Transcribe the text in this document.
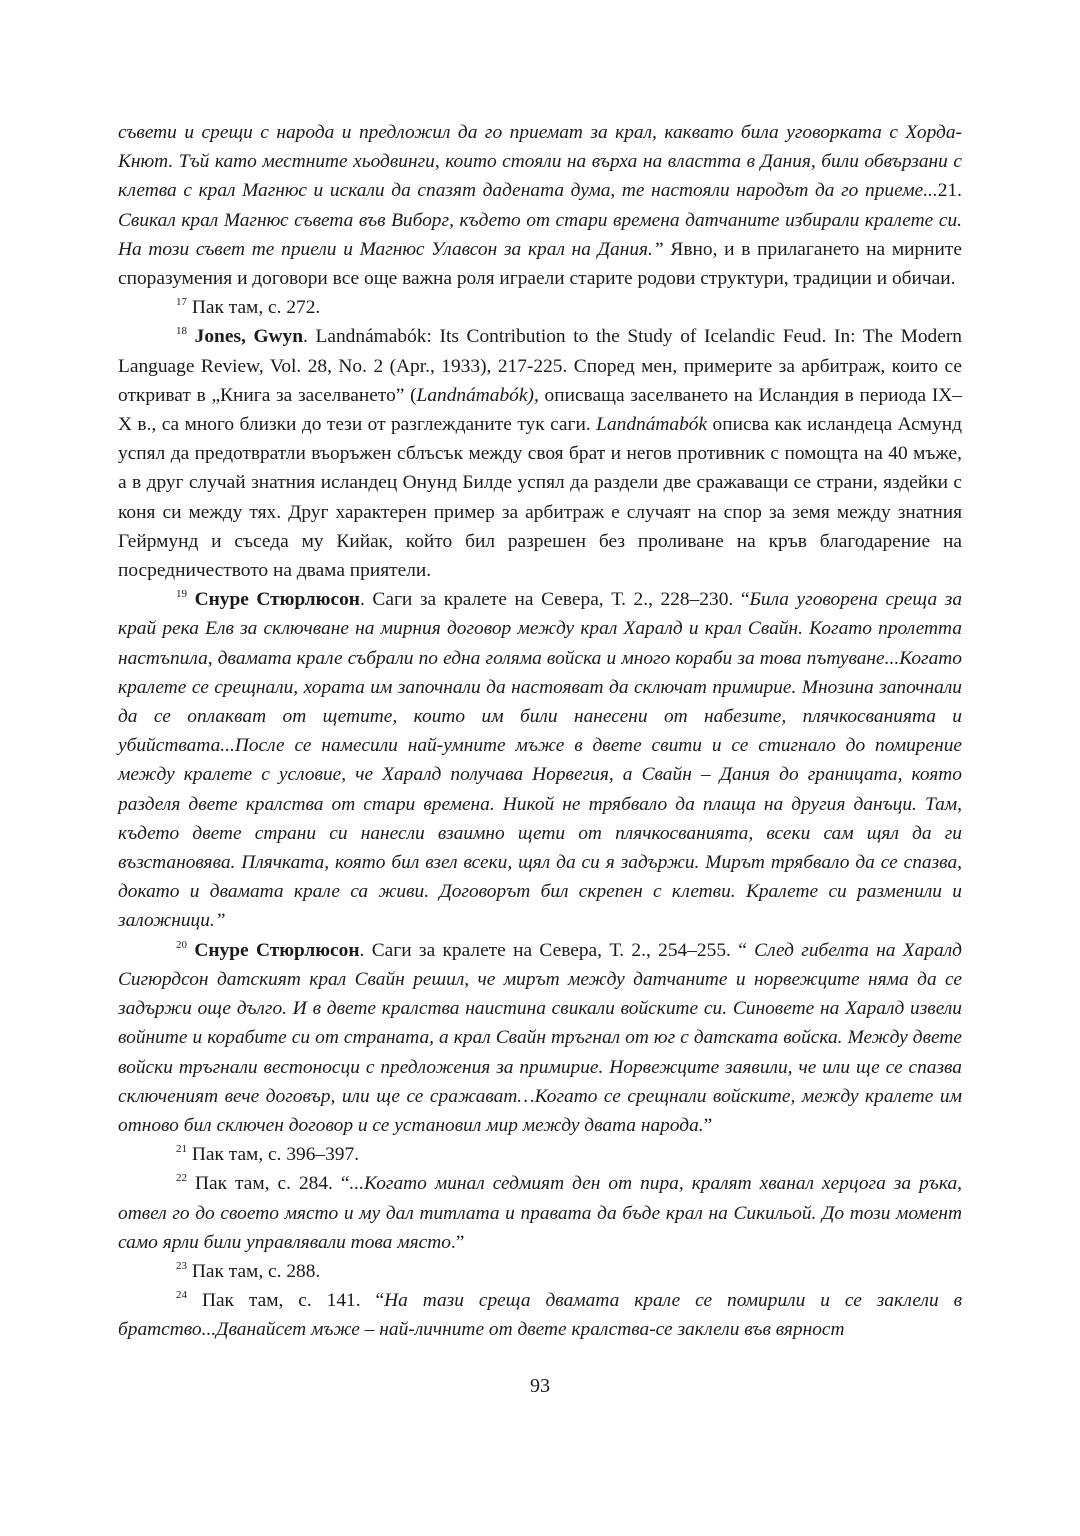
съвети и срещи с народа и предложил да го приемат за крал, каквато била уговорката с Хорда-Кнют. Тъй като местните хьодвинги, които стояли на върха на властта в Дания, били обвързани с клетва с крал Магнюс и искали да спазят дадената дума, те настояли народът да го приеме...21. Свикал крал Магнюс съвета във Виборг, където от стари времена датчаните избирали кралете си. На този съвет те приели и Магнюс Улавсон за крал на Дания.” Явно, и в прилагането на мирните споразумения и договори все още важна роля играели старите родови структури, традиции и обичаи.

$^{17}$ Пак там, с. 272.

$^{18}$ Jones, Gwyn. Landnámabók: Its Contribution to the Study of Icelandic Feud. In: The Modern Language Review, Vol. 28, No. 2 (Apr., 1933), 217-225. Според мен, примерите за арбитраж, които се откриват в „Книга за заселването” (Landnámabók), описваща заселването на Исландия в периода IX–X в., са много близки до тези от разглежданите тук саги. Landnámabók описва как исландеца Асмунд успял да предотвратли въоръжен сблъсък между своя брат и негов противник с помощта на 40 мъже, а в друг случай знатния исландец Онунд Билде успял да раздели две сражаващи се страни, яздейки с коня си между тях. Друг характерен пример за арбитраж е случаят на спор за земя между знатния Гейрмунд и съседа му Кийак, който бил разрешен без проливане на кръв благодарение на посредничеството на двама приятели.

$^{19}$ Снуре Стюрлюсон. Саги за кралете на Севера, Т. 2., 228–230. “Била уговорена среща за край река Елв за сключване на мирния договор между крал Харалд и крал Свайн. Когато пролетта настъпила, двамата крале събрали по една голяма войска и много кораби за това пътуване...Когато кралете се срещнали, хората им започнали да настояват да сключат примирие. Мнозина започнали да се оплакват от щетите, които им били нанесени от набезите, плячкосванията и убийствата...После се намесили най-умните мъже в двете свити и се стигнало до помирение между кралете с условие, че Харалд получава Норвегия, а Свайн – Дания до границата, която разделя двете кралства от стари времена. Никой не трябвало да плаща на другия данъци. Там, където двете страни си нанесли взаимно щети от плячкосванията, всеки сам щял да ги възстановява. Плячката, която бил взел всеки, щял да си я задържи. Мирът трябвало да се спазва, докато и двамата крале са живи. Договорът бил скрепен с клетви. Кралете си разменили и заложници.”

$^{20}$ Снуре Стюрлюсон. Саги за кралете на Севера, Т. 2., 254–255. “ След гибелта на Харалд Сигюрдсон датският крал Свайн решил, че мирът между датчаните и норвежците няма да се задържи още дълго. И в двете кралства наистина свикали войските си. Синовете на Харалд извели войните и корабите си от страната, а крал Свайн тръгнал от юг с датската войска. Между двете войски тръгнали вестоносци с предложения за примирие. Норвежците заявили, че или ще се спазва сключеният вече договър, или ще се сражават…Когато се срещнали войските, между кралете им отново бил сключен договор и се установил мир между двата народа.”

$^{21}$ Пак там, с. 396–397.

$^{22}$ Пак там, с. 284. “...Когато минал седмият ден от пира, кралят хванал херцога за ръка, отвел го до своето място и му дал титлата и правата да бъде крал на Сикильой. До този момент само ярли били управлявали това място.”

$^{23}$ Пак там, с. 288.

$^{24}$ Пак там, с. 141. “На тази среща двамата крале се помирили и се заклели в братство...Дванайсет мъже – най-личните от двете кралства-се заклели във вярност

93
